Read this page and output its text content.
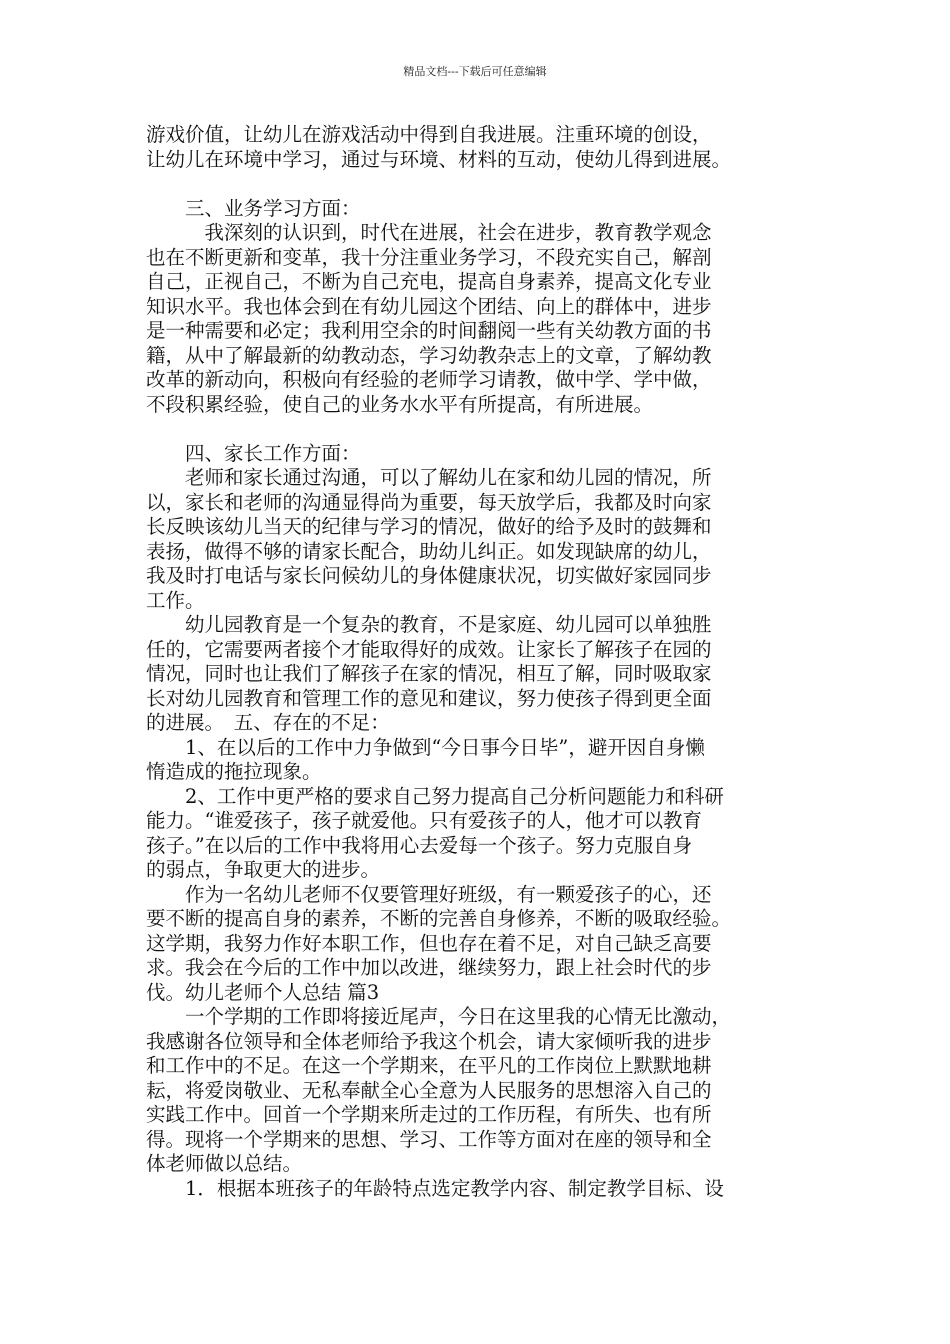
精品文档---下载后可任意编辑
游戏价值，让幼儿在游戏活动中得到自我进展。注重环境的创设，
让幼儿在环境中学习，通过与环境、材料的互动，使幼儿得到进展。
　　三、业务学习方面：
　　　我深刻的认识到，时代在进展，社会在进步，教育教学观念
也在不断更新和变革，我十分注重业务学习，不段充实自己，解剖
自己，正视自己，不断为自己充电，提高自身素养，提高文化专业
知识水平。我也体会到在有幼儿园这个团结、向上的群体中，进步
是一种需要和必定；我利用空余的时间翻阅一些有关幼教方面的书
籍，从中了解最新的幼教动态，学习幼教杂志上的文章，了解幼教
改革的新动向，积极向有经验的老师学习请教，做中学、学中做，
不段积累经验，使自己的业务水水平有所提高，有所进展。
　　四、家长工作方面：
　　老师和家长通过沟通，可以了解幼儿在家和幼儿园的情况，所
以，家长和老师的沟通显得尚为重要，每天放学后，我都及时向家
长反映该幼儿当天的纪律与学习的情况，做好的给予及时的鼓舞和
表扬，做得不够的请家长配合，助幼儿纠正。如发现缺席的幼儿，
我及时打电话与家长问候幼儿的身体健康状况，切实做好家园同步
工作。
　　幼儿园教育是一个复杂的教育，不是家庭、幼儿园可以单独胜
任的，它需要两者接个才能取得好的成效。让家长了解孩子在园的
情况，同时也让我们了解孩子在家的情况，相互了解，同时吸取家
长对幼儿园教育和管理工作的意见和建议，努力使孩子得到更全面
的进展。　五、存在的不足：
　　1、在以后的工作中力争做到“今日事今日毕”，避开因自身懒
惰造成的拖拉现象。
　　2、工作中更严格的要求自己努力提高自己分析问题能力和科研
能力。“谁爱孩子，孩子就爱他。只有爱孩子的人，他才可以教育
孩子。”在以后的工作中我将用心去爱每一个孩子。努力克服自身
的弱点，争取更大的进步。
　　作为一名幼儿老师不仅要管理好班级，有一颗爱孩子的心，还
要不断的提高自身的素养，不断的完善自身修养，不断的吸取经验。
这学期，我努力作好本职工作，但也存在着不足，对自己缺乏高要
求。我会在今后的工作中加以改进，继续努力，跟上社会时代的步
伐。幼儿老师个人总结 篇3
　　一个学期的工作即将接近尾声，今日在这里我的心情无比激动，
我感谢各位领导和全体老师给予我这个机会，请大家倾听我的进步
和工作中的不足。在这一个学期来，在平凡的工作岗位上默默地耕
耘，将爱岗敬业、无私奉献全心全意为人民服务的思想溶入自己的
实践工作中。回首一个学期来所走过的工作历程，有所失、也有所
得。现将一个学期来的思想、学习、工作等方面对在座的领导和全
体老师做以总结。
　　1．根据本班孩子的年龄特点选定教学内容、制定教学目标、设
